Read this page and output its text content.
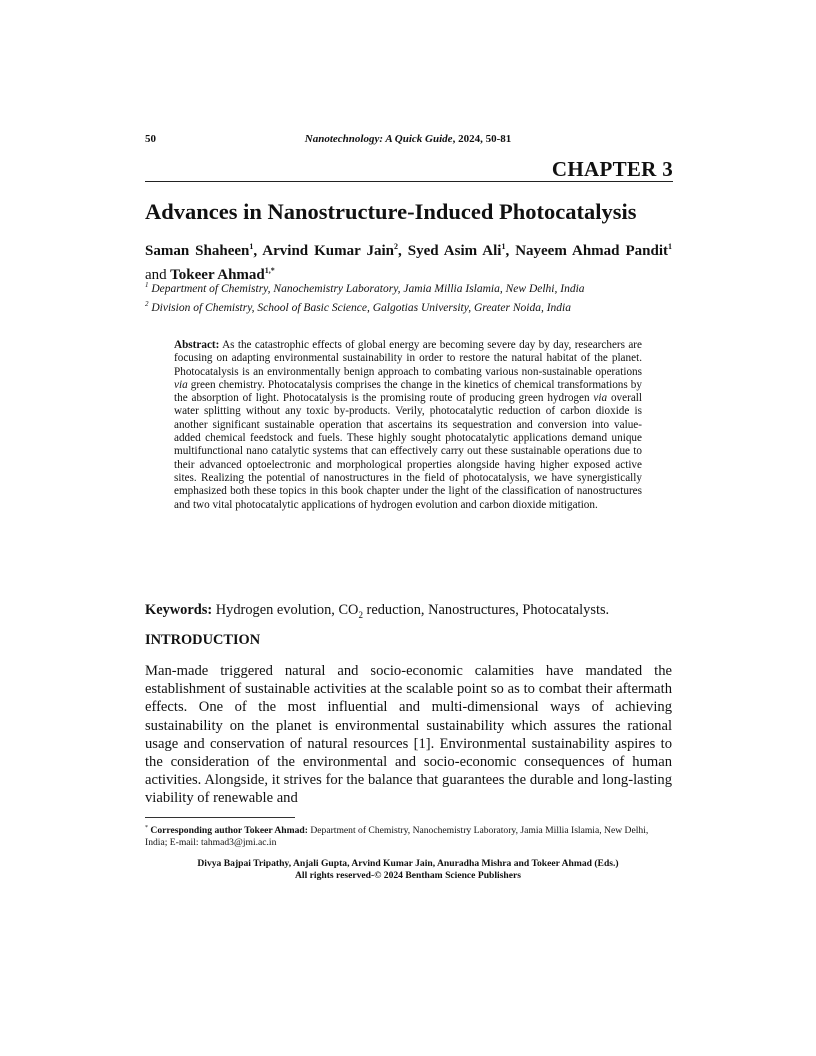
50	Nanotechnology: A Quick Guide, 2024, 50-81
CHAPTER 3
Advances in Nanostructure-Induced Photocatalysis
Saman Shaheen$^1$, Arvind Kumar Jain$^2$, Syed Asim Ali$^1$, Nayeem Ahmad Pandit$^1$ and Tokeer Ahmad$^{1,*}$
$^1$ Department of Chemistry, Nanochemistry Laboratory, Jamia Millia Islamia, New Delhi, India
$^2$ Division of Chemistry, School of Basic Science, Galgotias University, Greater Noida, India
Abstract: As the catastrophic effects of global energy are becoming severe day by day, researchers are focusing on adapting environmental sustainability in order to restore the natural habitat of the planet. Photocatalysis is an environmentally benign approach to combating various non-sustainable operations via green chemistry. Photocatalysis comprises the change in the kinetics of chemical transformations by the absorption of light. Photocatalysis is the promising route of producing green hydrogen via overall water splitting without any toxic by-products. Verily, photocatalytic reduction of carbon dioxide is another significant sustainable operation that ascertains its sequestration and conversion into value-added chemical feedstock and fuels. These highly sought photocatalytic applications demand unique multifunctional nano catalytic systems that can effectively carry out these sustainable operations due to their advanced optoelectronic and morphological properties alongside having higher exposed active sites. Realizing the potential of nanostructures in the field of photocatalysis, we have synergistically emphasized both these topics in this book chapter under the light of the classification of nanostructures and two vital photocatalytic applications of hydrogen evolution and carbon dioxide mitigation.
Keywords: Hydrogen evolution, $CO_2$ reduction, Nanostructures, Photocatalysts.
INTRODUCTION
Man-made triggered natural and socio-economic calamities have mandated the establishment of sustainable activities at the scalable point so as to combat their aftermath effects. One of the most influential and multi-dimensional ways of achieving sustainability on the planet is environmental sustainability which assures the rational usage and conservation of natural resources [1]. Environmental sustainability aspires to the consideration of the environmental and socio-economic consequences of human activities. Alongside, it strives for the balance that guarantees the durable and long-lasting viability of renewable and
* Corresponding author Tokeer Ahmad: Department of Chemistry, Nanochemistry Laboratory, Jamia Millia Islamia, New Delhi, India; E-mail: tahmad3@jmi.ac.in
Divya Bajpai Tripathy, Anjali Gupta, Arvind Kumar Jain, Anuradha Mishra and Tokeer Ahmad (Eds.)
All rights reserved-© 2024 Bentham Science Publishers
